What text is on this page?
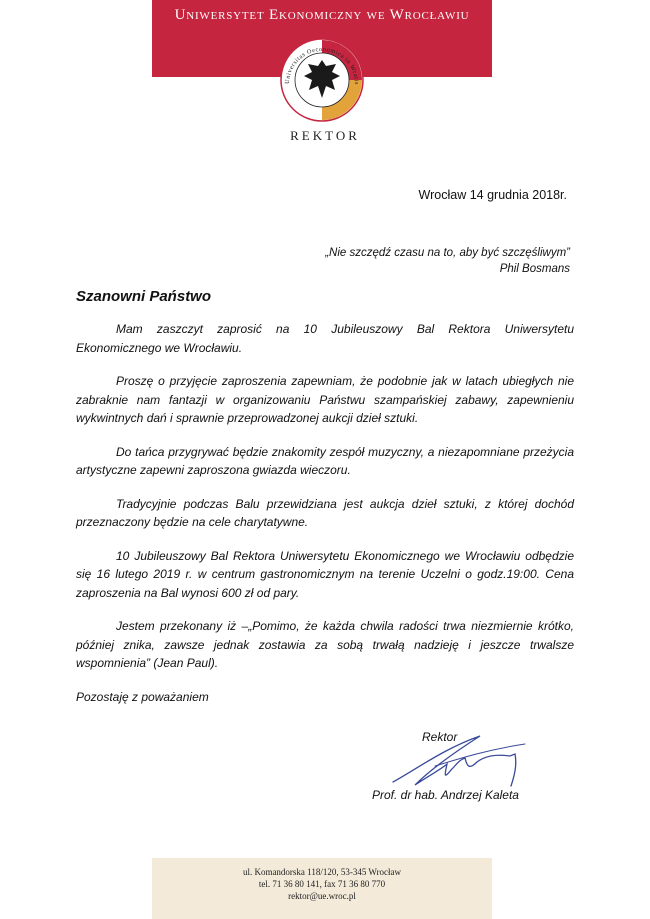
Uniwersytet Ekonomiczny we Wrocławiu
Universitas Oeconomica in Wratis
REKTOR
Wrocław 14 grudnia 2018r.
„Nie szczędź czasu na to, aby być szczęśliwym”
Phil Bosmans
Szanowni Państwo

Mam zaszczyt zaprosić na 10 Jubileuszowy Bal Rektora Uniwersytetu Ekonomicznego we Wrocławiu.

Proszę o przyjęcie zaproszenia zapewniam, że podobnie jak w latach ubiegłych nie zabraknie nam fantazji w organizowaniu Państwu szampańskiej zabawy, zapewnieniu wykwintnych dań i sprawnie przeprowadzonej aukcji dzieł sztuki.

Do tańca przygrywać będzie znakomity zespół muzyczny, a niezapomniane przeżycia artystyczne zapewni zaproszona gwiazda wieczoru.

Tradycyjnie podczas Balu przewidziana jest aukcja dzieł sztuki, z której dochód przeznaczony będzie na cele charytatywne.

10 Jubileuszowy Bal Rektora Uniwersytetu Ekonomicznego we Wrocławiu odbędzie się 16 lutego 2019 r. w centrum gastronomicznym na terenie Uczelni o godz.19:00. Cena zaproszenia na Bal wynosi 600 zł od pary.

Jestem przekonany iż –„Pomimo, że każda chwila radości trwa niezmiernie krótko, później znika, zawsze jednak zostawia za sobą trwałą nadzieję i jeszcze trwalsze wspomnienia” (Jean Paul).

Pozostaję z poważaniem

Rektor
Prof. dr hab. Andrzej Kaleta
ul. Komandorska 118/120, 53-345 Wrocław
tel. 71 36 80 141, fax 71 36 80 770
rektor@ue.wroc.pl
